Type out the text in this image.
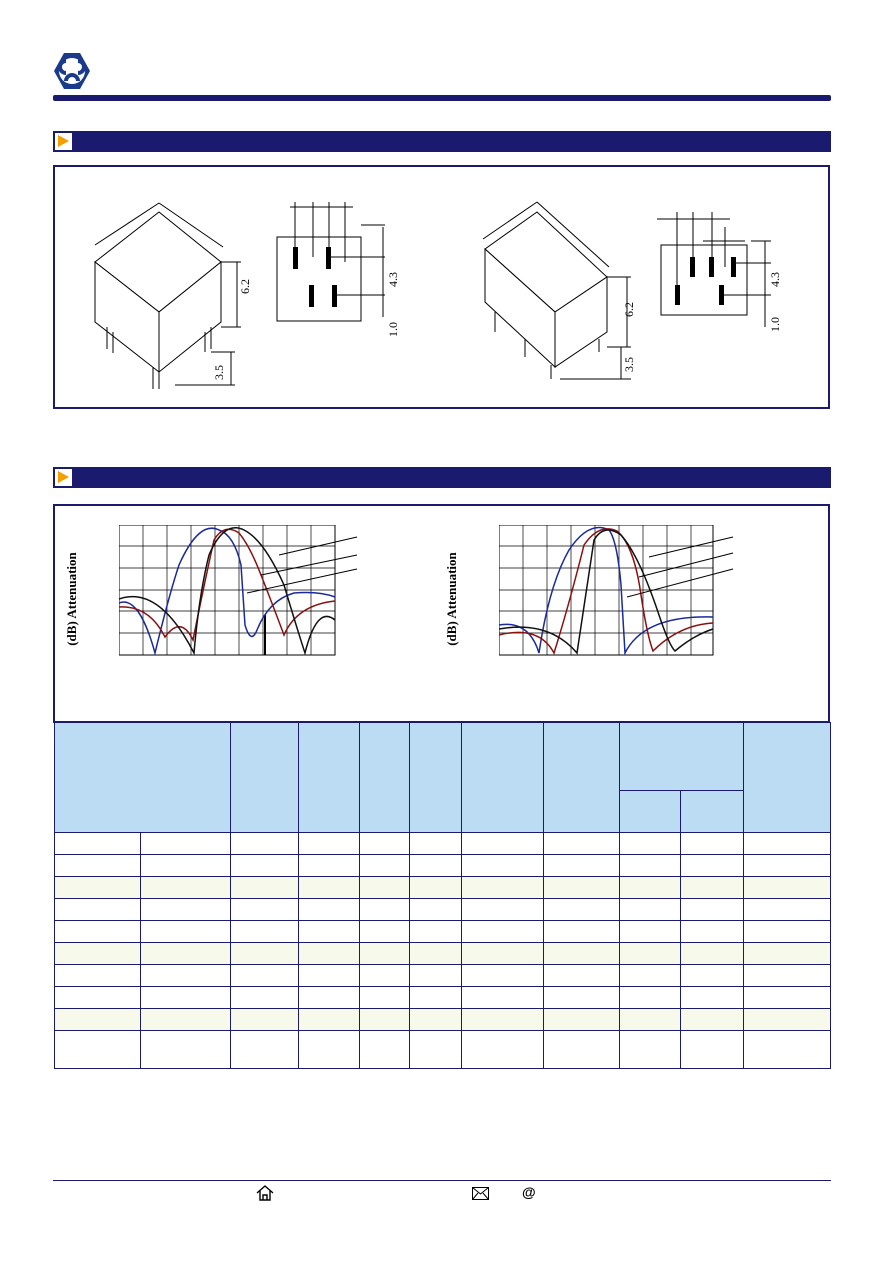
6.2
3.5
4.3
1.0
6.2
3.5
4.3
1.0
(dB) Attenuation	(dB) Attenuation

@
